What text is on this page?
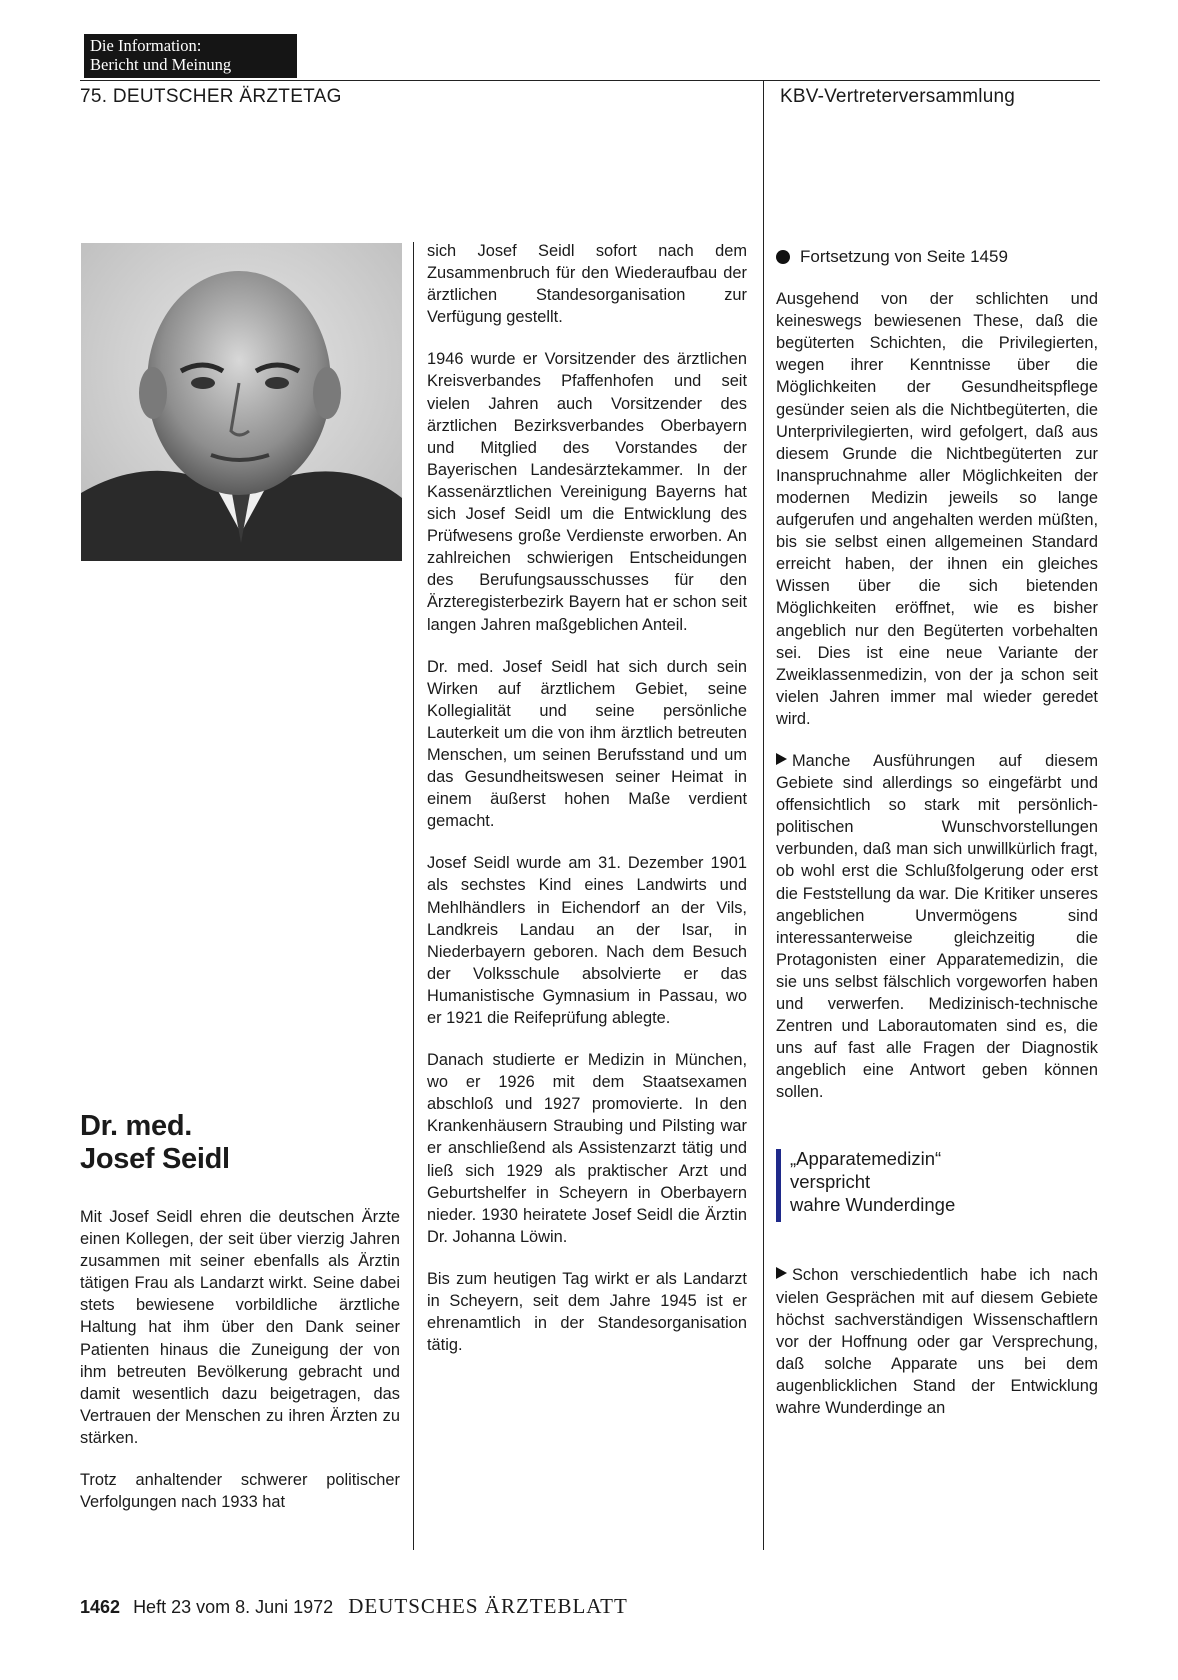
Die Information:
Bericht und Meinung
75. DEUTSCHER ÄRZTETAG	KBV-Vertreterversammlung
Dr. med.
Josef Seidl

Mit Josef Seidl ehren die deutschen Ärzte einen Kollegen, der seit über vierzig Jahren zusammen mit seiner ebenfalls als Ärztin tätigen Frau als Landarzt wirkt. Seine dabei stets bewiesene vorbildliche ärztliche Haltung hat ihm über den Dank seiner Patienten hinaus die Zuneigung der von ihm betreuten Bevölkerung gebracht und damit wesentlich dazu beigetragen, das Vertrauen der Menschen zu ihren Ärzten zu stärken.

Trotz anhaltender schwerer politischer Verfolgungen nach 1933 hat

sich Josef Seidl sofort nach dem Zusammenbruch für den Wiederaufbau der ärztlichen Standesorganisation zur Verfügung gestellt.

1946 wurde er Vorsitzender des ärztlichen Kreisverbandes Pfaffenhofen und seit vielen Jahren auch Vorsitzender des ärztlichen Bezirksverbandes Oberbayern und Mitglied des Vorstandes der Bayerischen Landesärztekammer. In der Kassenärztlichen Vereinigung Bayerns hat sich Josef Seidl um die Entwicklung des Prüfwesens große Verdienste erworben. An zahlreichen schwierigen Entscheidungen des Berufungsausschusses für den Ärzteregisterbezirk Bayern hat er schon seit langen Jahren maßgeblichen Anteil.

Dr. med. Josef Seidl hat sich durch sein Wirken auf ärztlichem Gebiet, seine Kollegialität und seine persönliche Lauterkeit um die von ihm ärztlich betreuten Menschen, um seinen Berufsstand und um das Gesundheitswesen seiner Heimat in einem äußerst hohen Maße verdient gemacht.

Josef Seidl wurde am 31. Dezember 1901 als sechstes Kind eines Landwirts und Mehlhändlers in Eichendorf an der Vils, Landkreis Landau an der Isar, in Niederbayern geboren. Nach dem Besuch der Volksschule absolvierte er das Humanistische Gymnasium in Passau, wo er 1921 die Reifeprüfung ablegte.

Danach studierte er Medizin in München, wo er 1926 mit dem Staatsexamen abschloß und 1927 promovierte. In den Krankenhäusern Straubing und Pilsting war er anschließend als Assistenzarzt tätig und ließ sich 1929 als praktischer Arzt und Geburtshelfer in Scheyern in Oberbayern nieder. 1930 heiratete Josef Seidl die Ärztin Dr. Johanna Löwin.

Bis zum heutigen Tag wirkt er als Landarzt in Scheyern, seit dem Jahre 1945 ist er ehrenamtlich in der Standesorganisation tätig.

Fortsetzung von Seite 1459

Ausgehend von der schlichten und keineswegs bewiesenen These, daß die begüterten Schichten, die Privilegierten, wegen ihrer Kenntnisse über die Möglichkeiten der Gesundheitspflege gesünder seien als die Nichtbegüterten, die Unterprivilegierten, wird gefolgert, daß aus diesem Grunde die Nichtbegüterten zur Inanspruchnahme aller Möglichkeiten der modernen Medizin jeweils so lange aufgerufen und angehalten werden müßten, bis sie selbst einen allgemeinen Standard erreicht haben, der ihnen ein gleiches Wissen über die sich bietenden Möglichkeiten eröffnet, wie es bisher angeblich nur den Begüterten vorbehalten sei. Dies ist eine neue Variante der Zweiklassenmedizin, von der ja schon seit vielen Jahren immer mal wieder geredet wird.

Manche Ausführungen auf diesem Gebiete sind allerdings so eingefärbt und offensichtlich so stark mit persönlich-politischen Wunschvorstellungen verbunden, daß man sich unwillkürlich fragt, ob wohl erst die Schlußfolgerung oder erst die Feststellung da war. Die Kritiker unseres angeblichen Unvermögens sind interessanterweise gleichzeitig die Protagonisten einer Apparatemedizin, die sie uns selbst fälschlich vorgeworfen haben und verwerfen. Medizinisch-technische Zentren und Laborautomaten sind es, die uns auf fast alle Fragen der Diagnostik angeblich eine Antwort geben können sollen.

„Apparatemedizin“
verspricht
wahre Wunderdinge

Schon verschiedentlich habe ich nach vielen Gesprächen mit auf diesem Gebiete höchst sachverständigen Wissenschaftlern vor der Hoffnung oder gar Versprechung, daß solche Apparate uns bei dem augenblicklichen Stand der Entwicklung wahre Wunderdinge an

1462 Heft 23 vom 8. Juni 1972 DEUTSCHES ÄRZTEBLATT
